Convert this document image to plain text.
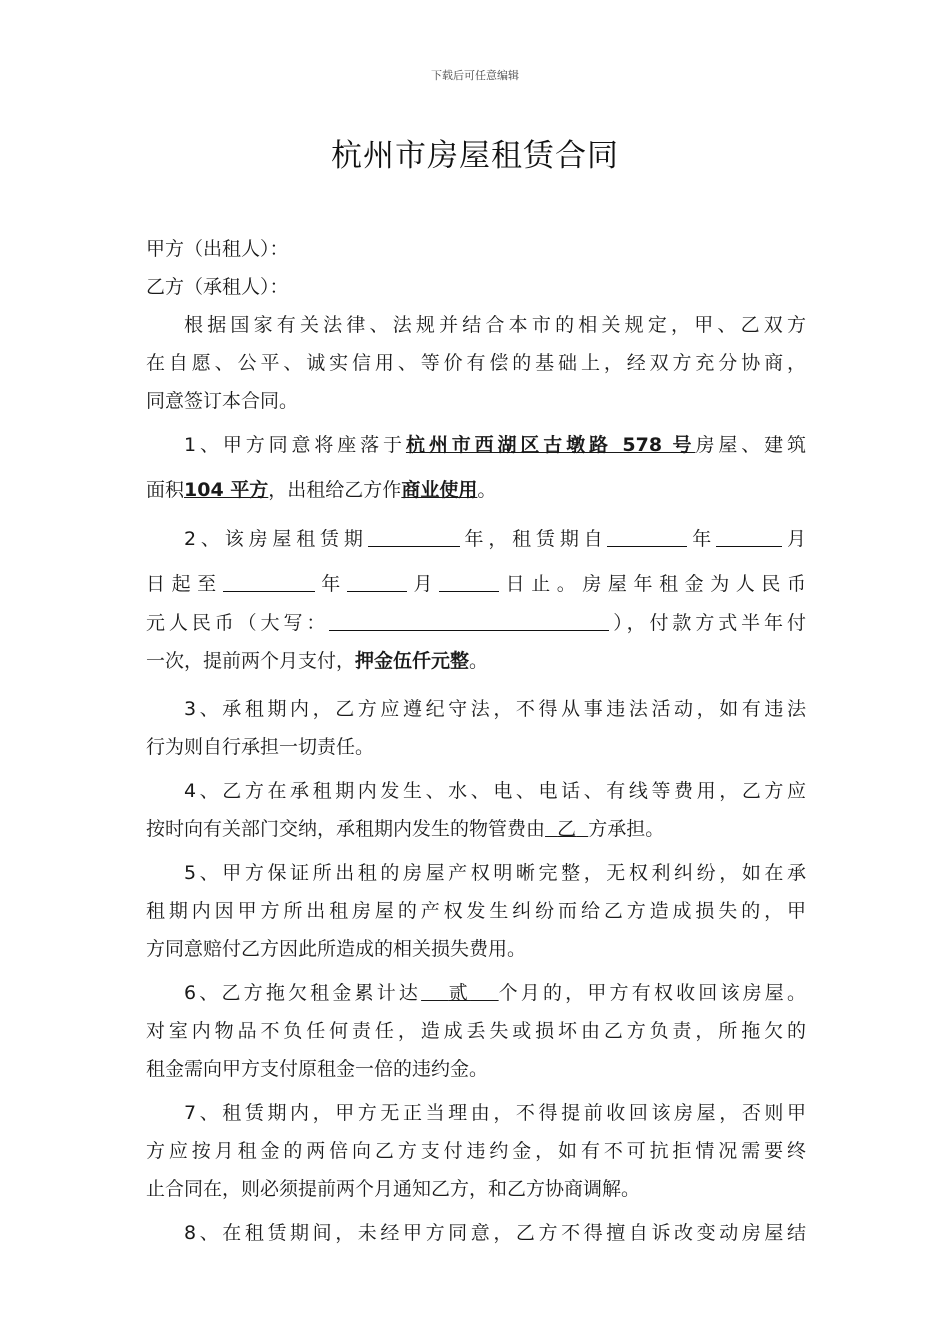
下载后可任意编辑
杭州市房屋租赁合同
甲方（出租人）：
乙方（承租人）：
根据国家有关法律、法规并结合本市的相关规定，甲、乙双方
在自愿、公平、诚实信用、等价有偿的基础上，经双方充分协商，
同意签订本合同。
1、甲方同意将座落于杭州市西湖区古墩路 578 号房屋、建筑
面积104 平方，出租给乙方作商业使用。
2、该房屋租赁期	年，租赁期自	年	月
日起至	年	月	日止。房屋年租金为人民币
元人民币（大写：	），付款方式半年付
一次，提前两个月支付，押金伍仟元整。
3、承租期内，乙方应遵纪守法，不得从事违法活动，如有违法
行为则自行承担一切责任。
4、乙方在承租期内发生、水、电、电话、有线等费用，乙方应
按时向有关部门交纳，承租期内发生的物管费由 乙 方承担。
5、甲方保证所出租的房屋产权明晰完整，无权利纠纷，如在承
租期内因甲方所出租房屋的产权发生纠纷而给乙方造成损失的，甲
方同意赔付乙方因此所造成的相关损失费用。
6、乙方拖欠租金累计达 贰 个月的，甲方有权收回该房屋。
对室内物品不负任何责任，造成丢失或损坏由乙方负责，所拖欠的
租金需向甲方支付原租金一倍的违约金。
7、租赁期内，甲方无正当理由，不得提前收回该房屋，否则甲
方应按月租金的两倍向乙方支付违约金，如有不可抗拒情况需要终
止合同在，则必须提前两个月通知乙方，和乙方协商调解。
8、在租赁期间，未经甲方同意，乙方不得擅自诉改变动房屋结
